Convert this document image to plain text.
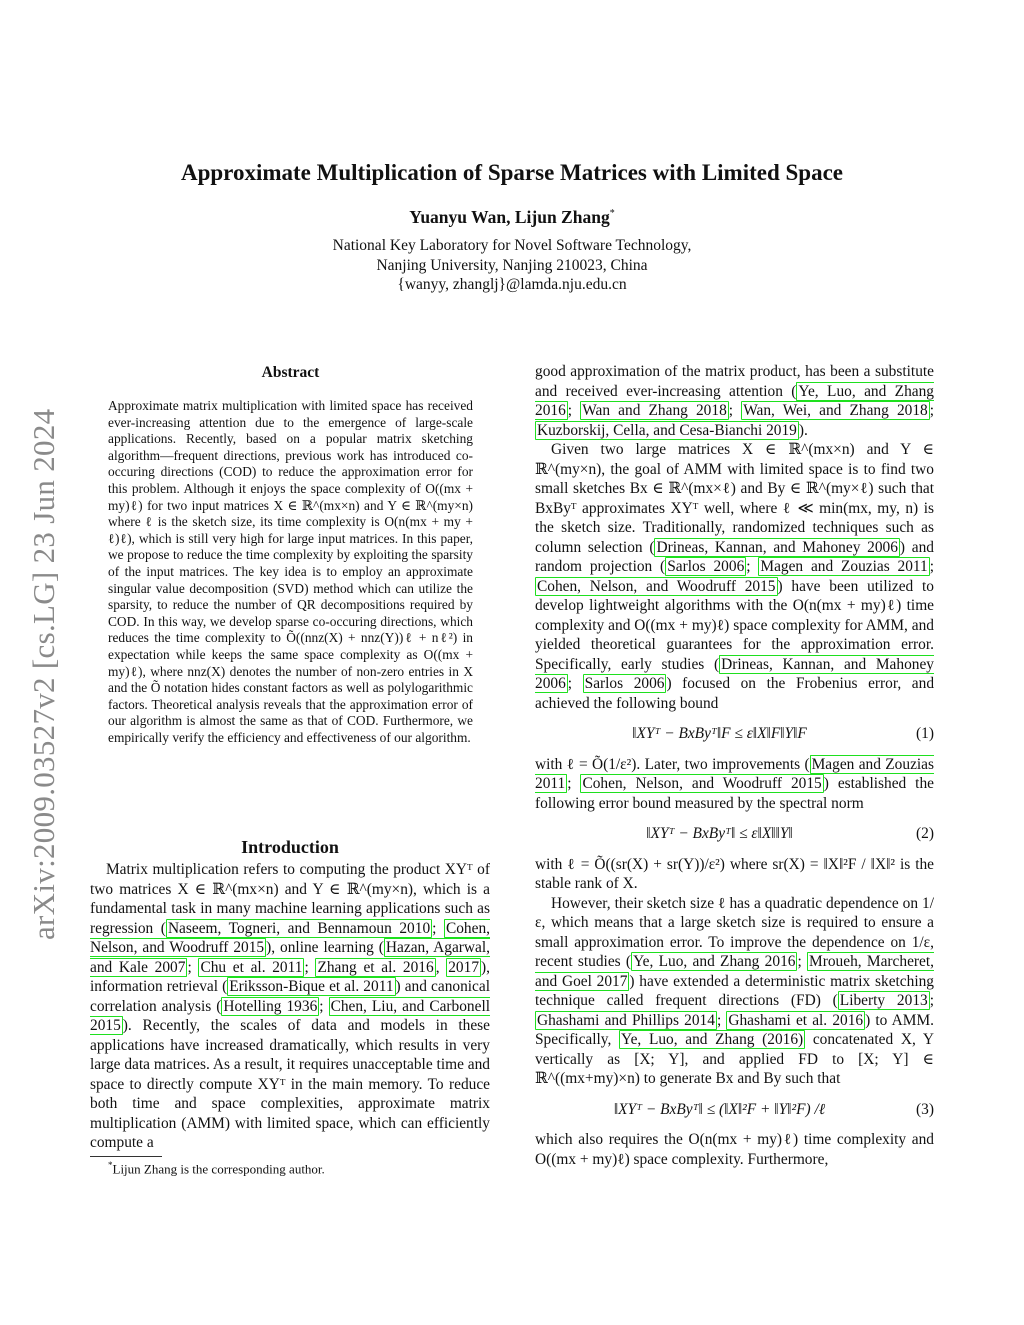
arXiv:2009.03527v2 [cs.LG] 23 Jun 2024
Approximate Multiplication of Sparse Matrices with Limited Space
Yuanyu Wan, Lijun Zhang*
National Key Laboratory for Novel Software Technology,
Nanjing University, Nanjing 210023, China
{wanyy, zhanglj}@lamda.nju.edu.cn
Abstract

Approximate matrix multiplication with limited space has received ever-increasing attention due to the emergence of large-scale applications. Recently, based on a popular matrix sketching algorithm—frequent directions, previous work has introduced co-occuring directions (COD) to reduce the approximation error for this problem. Although it enjoys the space complexity of O((mx + my)ℓ) for two input matrices X ∈ ℝ^(mx×n) and Y ∈ ℝ^(my×n) where ℓ is the sketch size, its time complexity is O(n(mx + my + ℓ)ℓ), which is still very high for large input matrices. In this paper, we propose to reduce the time complexity by exploiting the sparsity of the input matrices. The key idea is to employ an approximate singular value decomposition (SVD) method which can utilize the sparsity, to reduce the number of QR decompositions required by COD. In this way, we develop sparse co-occuring directions, which reduces the time complexity to Õ((nnz(X) + nnz(Y))ℓ + nℓ²) in expectation while keeps the same space complexity as O((mx + my)ℓ), where nnz(X) denotes the number of non-zero entries in X and the Õ notation hides constant factors as well as polylogarithmic factors. Theoretical analysis reveals that the approximation error of our algorithm is almost the same as that of COD. Furthermore, we empirically verify the efficiency and effectiveness of our algorithm.

Introduction

Matrix multiplication refers to computing the product XYᵀ of two matrices X ∈ ℝ^(mx×n) and Y ∈ ℝ^(my×n), which is a fundamental task in many machine learning applications such as regression ( Naseem, Togneri, and Bennamoun 2010 ; Cohen, Nelson, and Woodruff 2015 ), online learning ( Hazan, Agarwal, and Kale 2007 ; Chu et al. 2011 ; Zhang et al. 2016 , 2017 ), information retrieval ( Eriksson-Bique et al. 2011 ) and canonical correlation analysis ( Hotelling 1936 ; Chen, Liu, and Carbonell 2015 ). Recently, the scales of data and models in these applications have increased dramatically, which results in very large data matrices. As a result, it requires unacceptable time and space to directly compute XYᵀ in the main memory. To reduce both time and space complexities, approximate matrix multiplication (AMM) with limited space, which can efficiently compute a

good approximation of the matrix product, has been a substitute and received ever-increasing attention ( Ye, Luo, and Zhang 2016 ; Wan and Zhang 2018 ; Wan, Wei, and Zhang 2018 ; Kuzborskij, Cella, and Cesa-Bianchi 2019 ).

Given two large matrices X ∈ ℝ^(mx×n) and Y ∈ ℝ^(my×n), the goal of AMM with limited space is to find two small sketches Bx ∈ ℝ^(mx×ℓ) and By ∈ ℝ^(my×ℓ) such that BxByᵀ approximates XYᵀ well, where ℓ ≪ min(mx, my, n) is the sketch size. Traditionally, randomized techniques such as column selection ( Drineas, Kannan, and Mahoney 2006 ) and random projection ( Sarlos 2006 ; Magen and Zouzias 2011 ; Cohen, Nelson, and Woodruff 2015 ) have been utilized to develop lightweight algorithms with the O(n(mx + my)ℓ) time complexity and O((mx + my)ℓ) space complexity for AMM, and yielded theoretical guarantees for the approximation error. Specifically, early studies ( Drineas, Kannan, and Mahoney 2006 ; Sarlos 2006 ) focused on the Frobenius error, and achieved the following bound

‖XYᵀ − BxByᵀ‖F ≤ ε‖X‖F‖Y‖F	(1)

with ℓ = Õ(1/ε²). Later, two improvements ( Magen and Zouzias 2011 ; Cohen, Nelson, and Woodruff 2015 ) established the following error bound measured by the spectral norm

‖XYᵀ − BxByᵀ‖ ≤ ε‖X‖‖Y‖	(2)

with ℓ = Õ((sr(X) + sr(Y))/ε²) where sr(X) = ‖X‖²F / ‖X‖² is the stable rank of X.

However, their sketch size ℓ has a quadratic dependence on 1/ε, which means that a large sketch size is required to ensure a small approximation error. To improve the dependence on 1/ε, recent studies ( Ye, Luo, and Zhang 2016 ; Mroueh, Marcheret, and Goel 2017 ) have extended a deterministic matrix sketching technique called frequent directions (FD) ( Liberty 2013 ; Ghashami and Phillips 2014 ; Ghashami et al. 2016 ) to AMM. Specifically, Ye, Luo, and Zhang (2016) concatenated X, Y vertically as [X; Y], and applied FD to [X; Y] ∈ ℝ^((mx+my)×n) to generate Bx and By such that

‖XYᵀ − BxByᵀ‖ ≤ (‖X‖²F + ‖Y‖²F) /ℓ	(3)

which also requires the O(n(mx + my)ℓ) time complexity and O((mx + my)ℓ) space complexity. Furthermore,

*Lijun Zhang is the corresponding author.
